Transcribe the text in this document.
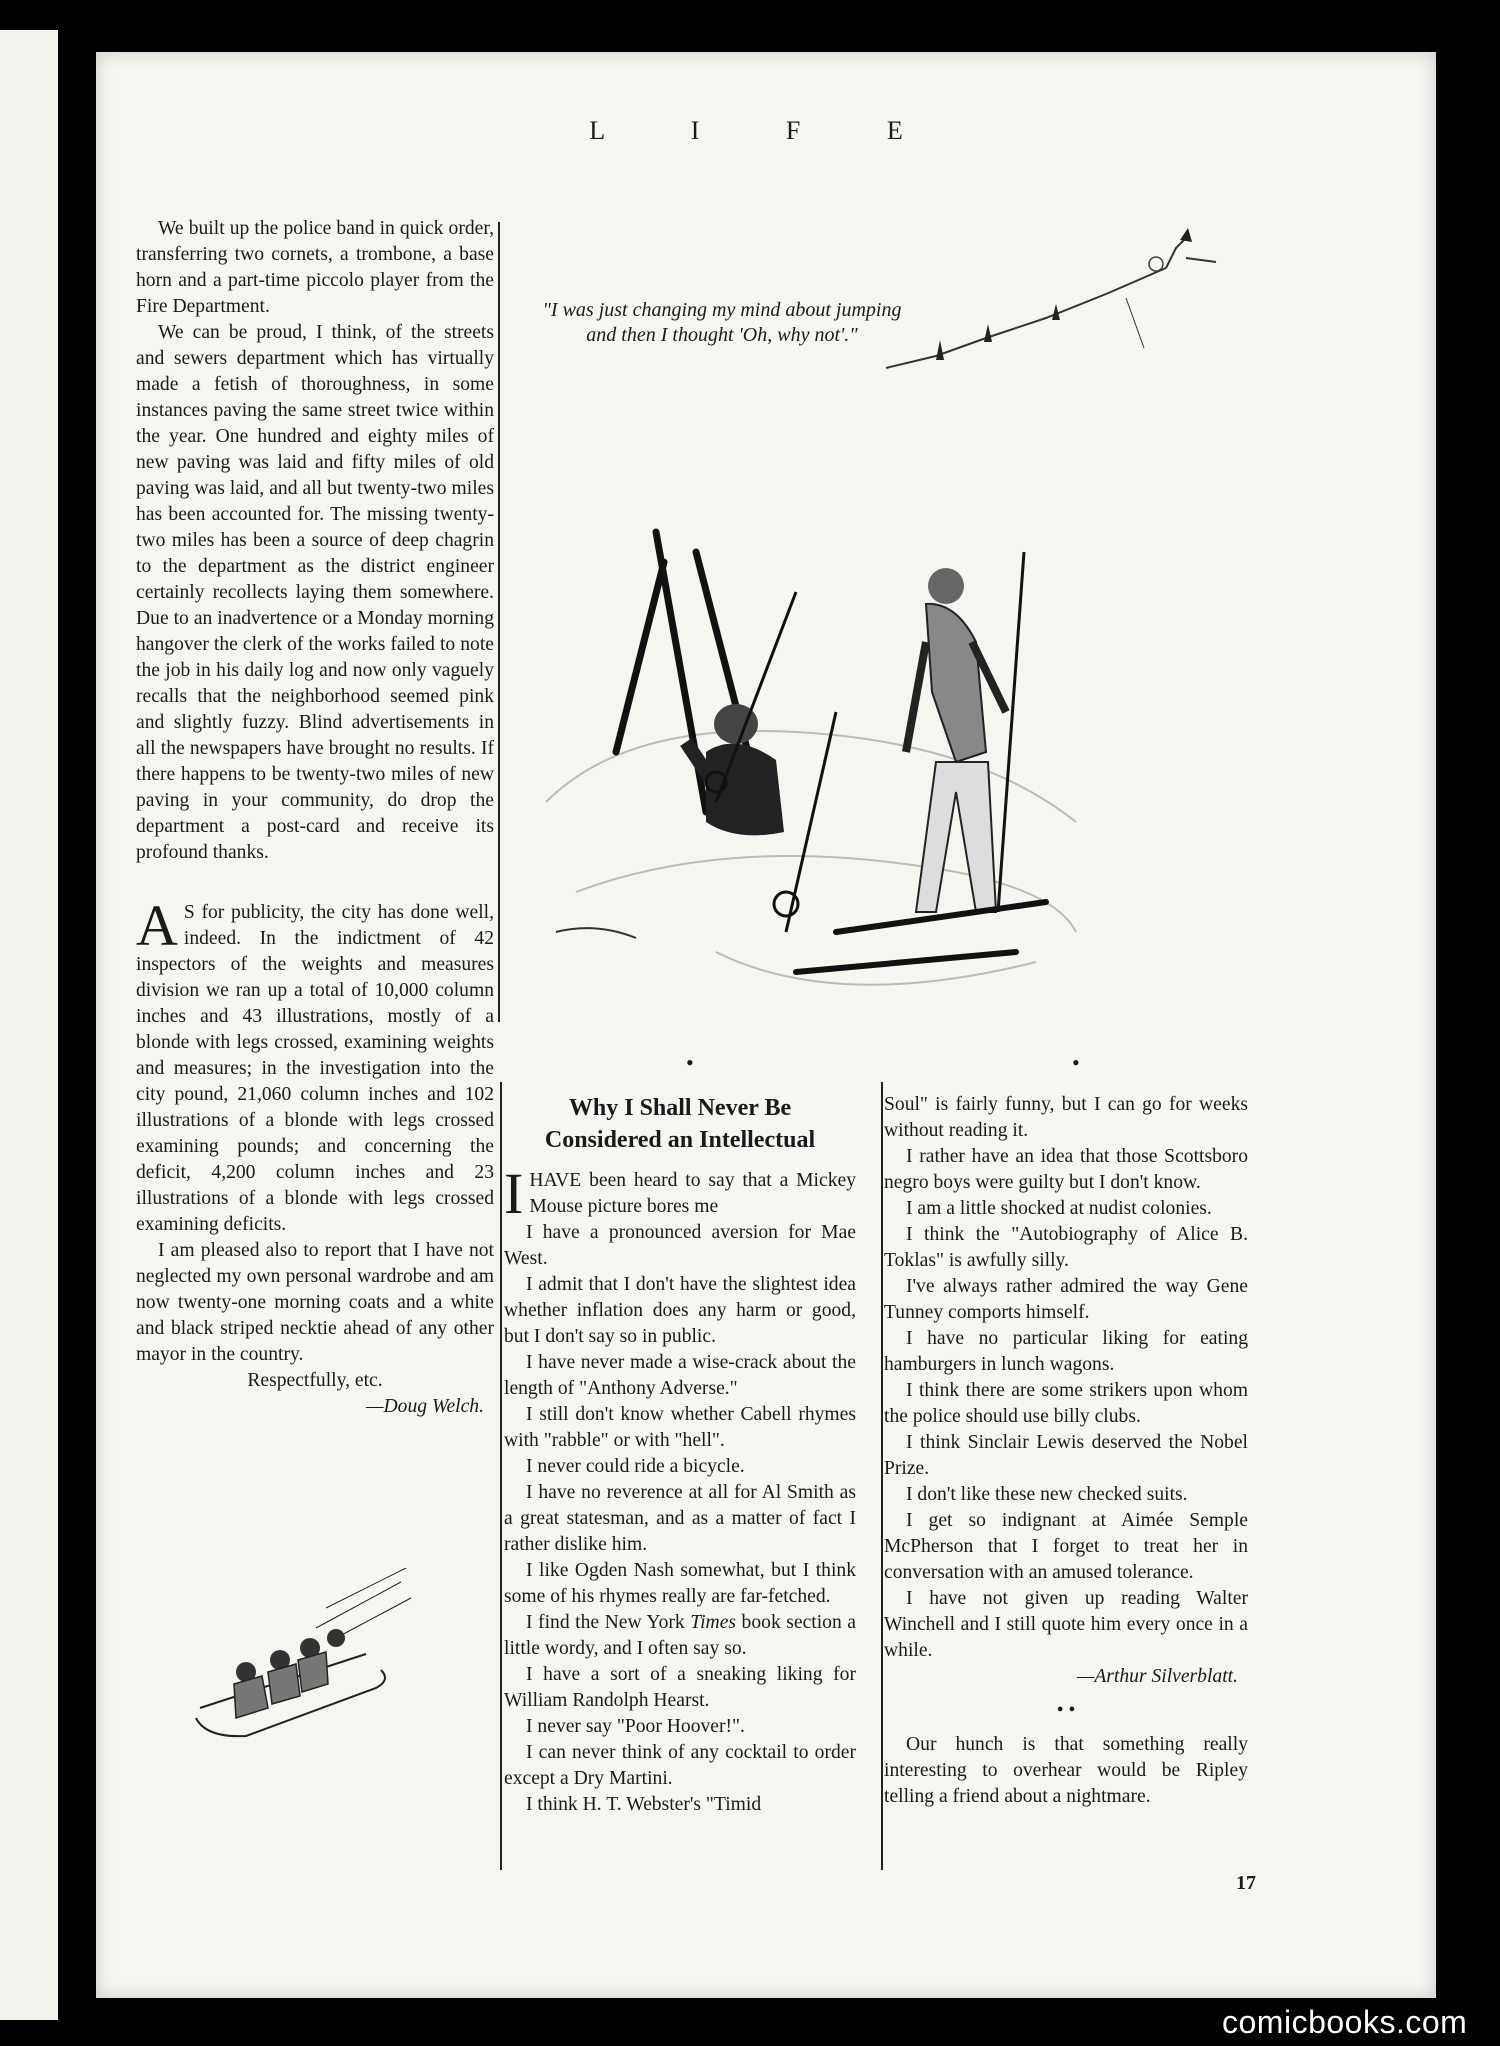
L I F E

We built up the police band in quick order, transferring two cornets, a trombone, a base horn and a part-time piccolo player from the Fire Department.

We can be proud, I think, of the streets and sewers department which has virtually made a fetish of thoroughness, in some instances paving the same street twice within the year. One hundred and eighty miles of new paving was laid and fifty miles of old paving was laid, and all but twenty-two miles has been accounted for. The missing twenty-two miles has been a source of deep chagrin to the department as the district engineer certainly recollects laying them somewhere. Due to an inadvertence or a Monday morning hangover the clerk of the works failed to note the job in his daily log and now only vaguely recalls that the neighborhood seemed pink and slightly fuzzy. Blind advertisements in all the newspapers have brought no results. If there happens to be twenty-two miles of new paving in your community, do drop the department a post-card and receive its profound thanks.

A S for publicity, the city has done well, indeed. In the indictment of 42 inspectors of the weights and measures division we ran up a total of 10,000 column inches and 43 illustrations, mostly of a blonde with legs crossed, examining weights and measures; in the investigation into the city pound, 21,060 column inches and 102 illustrations of a blonde with legs crossed examining pounds; and concerning the deficit, 4,200 column inches and 23 illustrations of a blonde with legs crossed examining deficits.

I am pleased also to report that I have not neglected my own personal wardrobe and am now twenty-one morning coats and a white and black striped necktie ahead of any other mayor in the country.

Respectfully, etc.

—Doug Welch.

"I was just changing my mind about jumping and then I thought 'Oh, why not'."
•	•
Why I Shall Never Be
Considered an Intellectual

IHAVE been heard to say that a Mickey Mouse picture bores me

I have a pronounced aversion for Mae West.

I admit that I don't have the slightest idea whether inflation does any harm or good, but I don't say so in public.

I have never made a wise-crack about the length of "Anthony Adverse."

I still don't know whether Cabell rhymes with "rabble" or with "hell".

I never could ride a bicycle.

I have no reverence at all for Al Smith as a great statesman, and as a matter of fact I rather dislike him.

I like Ogden Nash somewhat, but I think some of his rhymes really are far-fetched.

I find the New York Times book section a little wordy, and I often say so.

I have a sort of a sneaking liking for William Randolph Hearst.

I never say "Poor Hoover!".

I can never think of any cocktail to order except a Dry Martini.

I think H. T. Webster's "Timid

Soul" is fairly funny, but I can go for weeks without reading it.

I rather have an idea that those Scottsboro negro boys were guilty but I don't know.

I am a little shocked at nudist colonies.

I think the "Autobiography of Alice B. Toklas" is awfully silly.

I've always rather admired the way Gene Tunney comports himself.

I have no particular liking for eating hamburgers in lunch wagons.

I think there are some strikers upon whom the police should use billy clubs.

I think Sinclair Lewis deserved the Nobel Prize.

I don't like these new checked suits.

I get so indignant at Aimée Semple McPherson that I forget to treat her in conversation with an amused tolerance.

I have not given up reading Walter Winchell and I still quote him every once in a while.

—Arthur Silverblatt.

• •

Our hunch is that something really interesting to overhear would be Ripley telling a friend about a nightmare.

17
comicbooks.com
